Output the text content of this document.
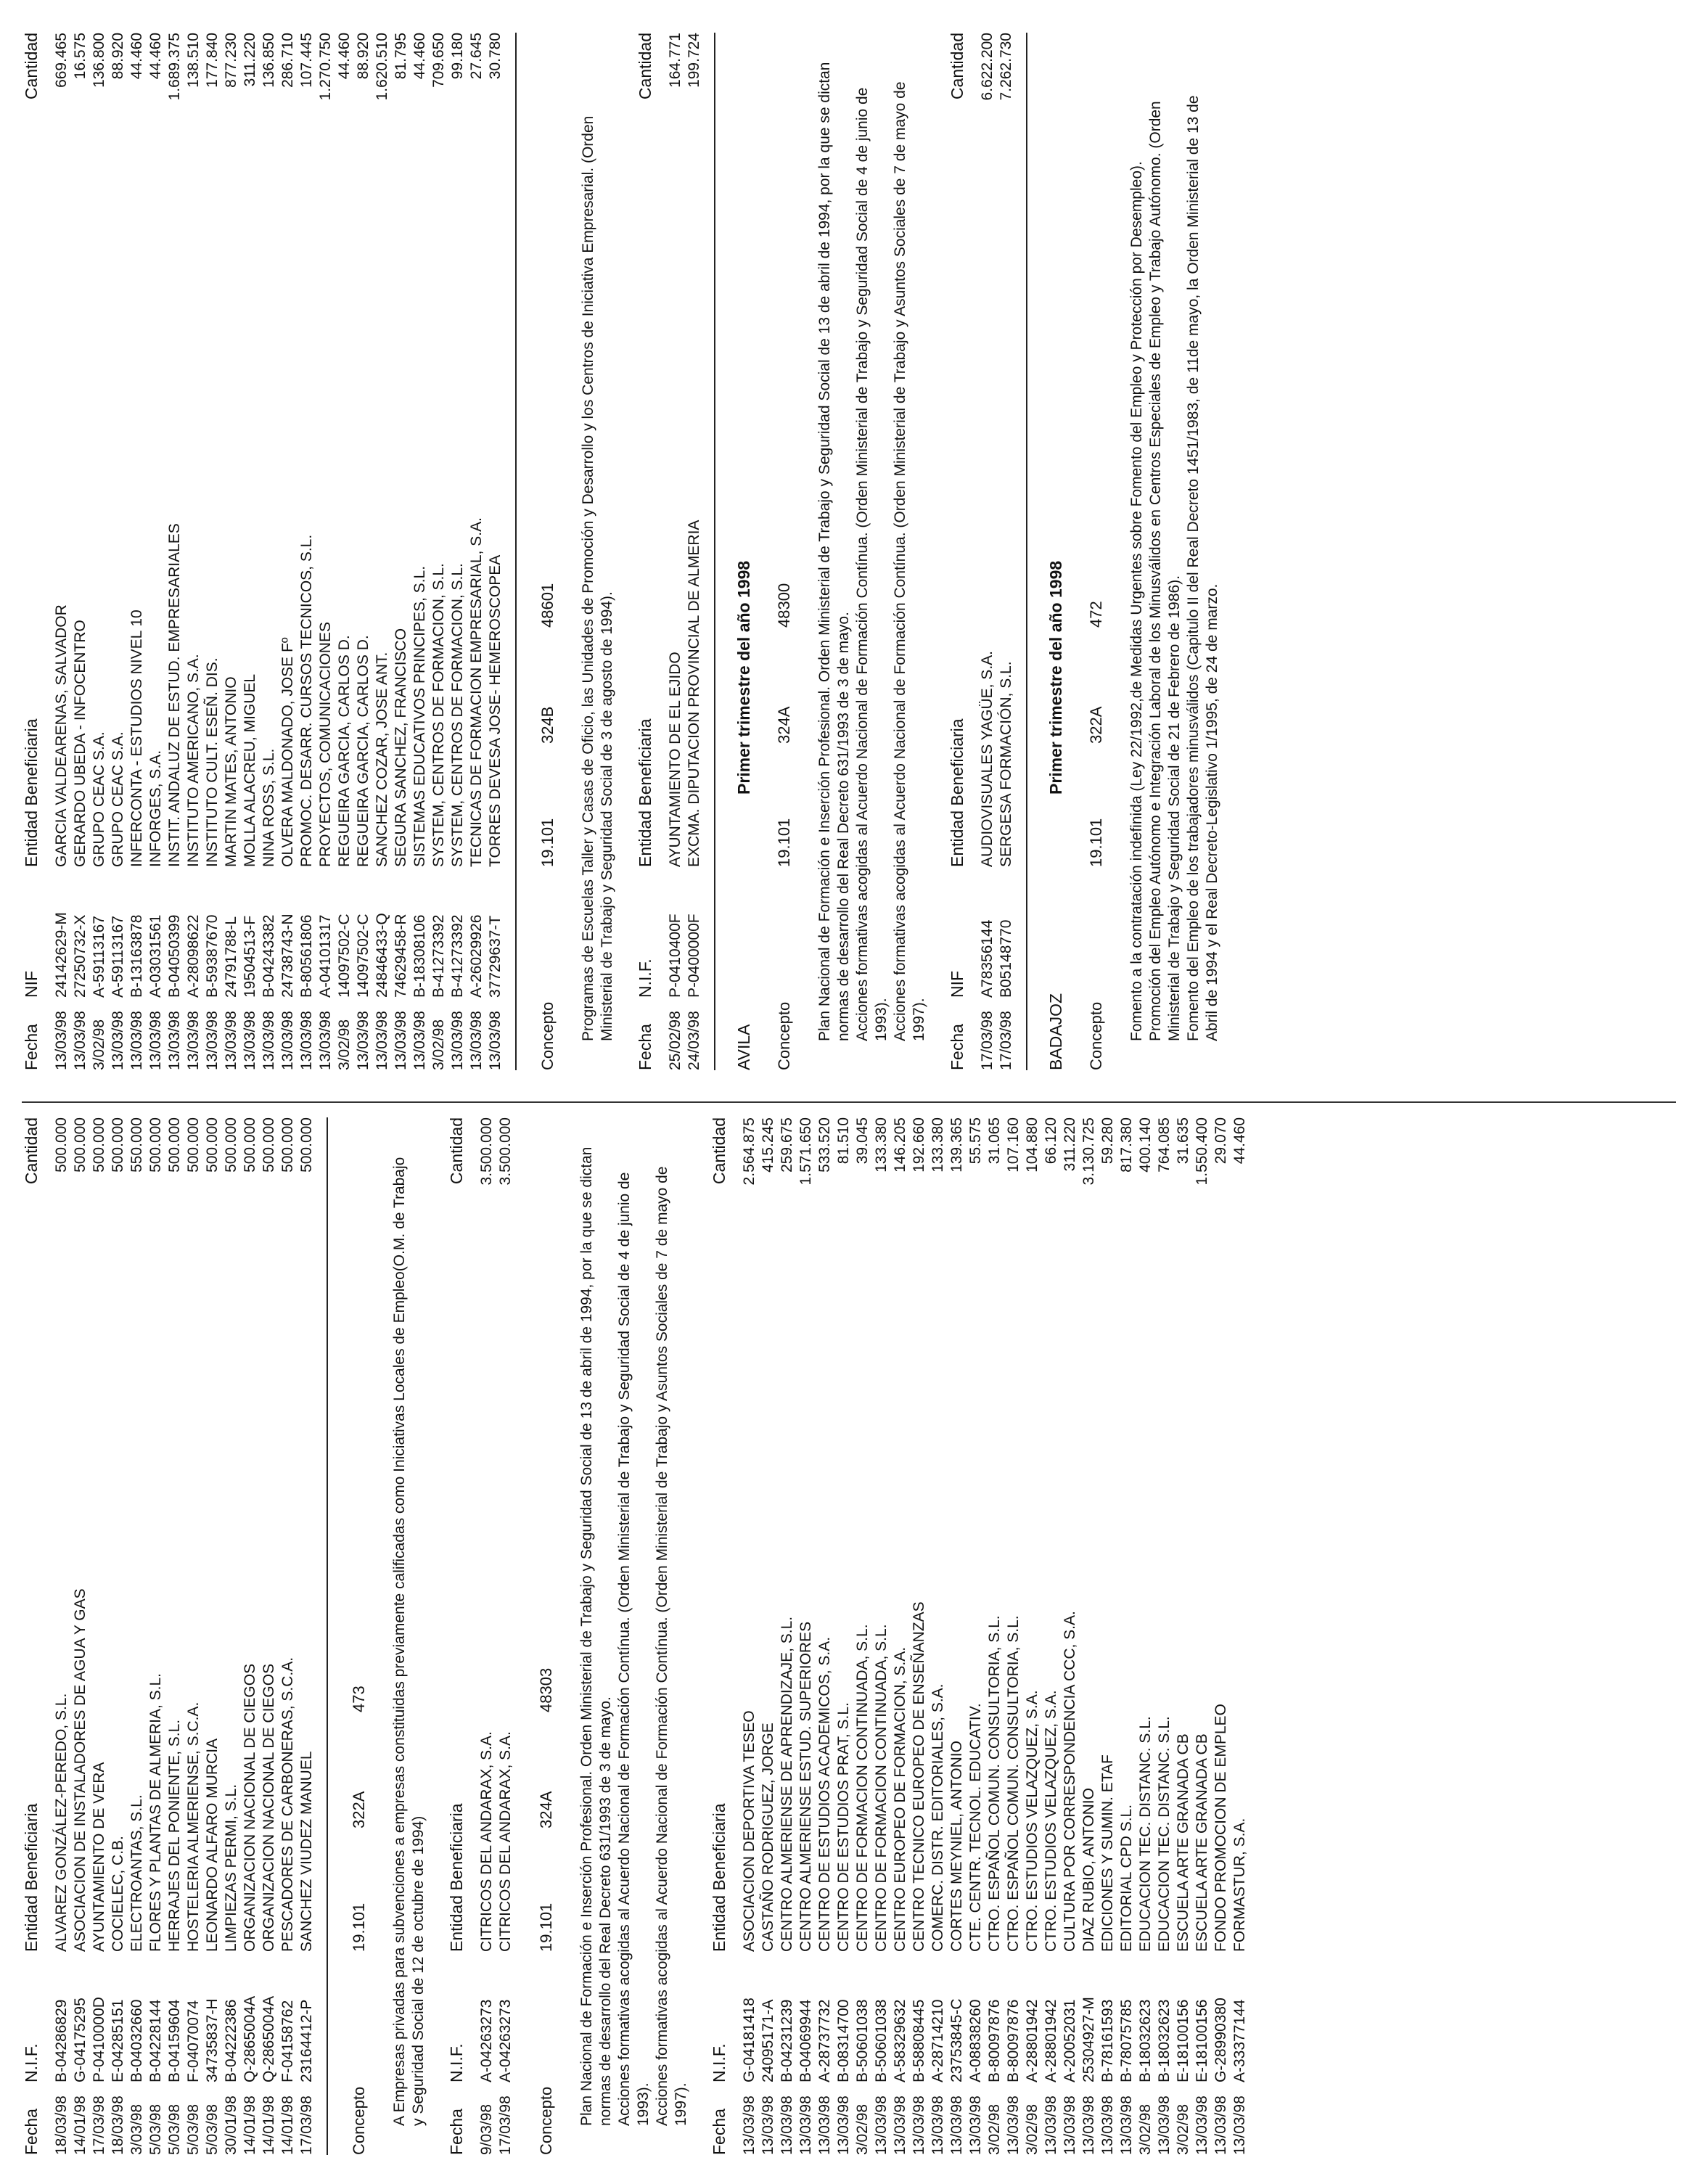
Fecha
N.I.F.
Entidad Beneficiaria
Cantidad
18/03/98
B-04286829
ALVAREZ GONZÁLEZ-PEREDO, S.L.
500.000
14/01/98
G-04175295
ASOCIACION DE INSTALADORES DE AGUA Y GAS
500.000
17/03/98
P-0410000D
AYUNTAMIENTO DE VERA
500.000
18/03/98
E-04285151
COCIELEC, C.B.
500.000
3/03/98
B-04032660
ELECTROANTAS, S.L.
550.000
5/03/98
B-04228144
FLORES Y PLANTAS DE ALMERIA, S.L.
500.000
5/03/98
B-04159604
HERRAJES DEL PONIENTE, S.L.
500.000
5/03/98
F-04070074
HOSTELERIA ALMERIENSE, S.C.A.
500.000
5/03/98
34735837-H
LEONARDO ALFARO MURCIA
500.000
30/01/98
B-04222386
LIMPIEZAS PERMI, S.L.
500.000
14/01/98
Q-2865004A
ORGANIZACION NACIONAL DE CIEGOS
500.000
14/01/98
Q-2865004A
ORGANIZACION NACIONAL DE CIEGOS
500.000
14/01/98
F-04158762
PESCADORES DE CARBONERAS, S.C.A.
500.000
17/03/98
23164412-P
SANCHEZ VIUDEZ MANUEL
500.000
Concepto
19.101
322A
473 A Empresas privadas para subvenciones a empresas constituidas previamente calificadas como Iniciativas Locales de Empleo(O.M. de Trabajo y Seguridad Social de 12 de octubre de 1994)

Fecha
N.I.F.
Entidad Beneficiaria
Cantidad
9/03/98
A-04263273
CITRICOS DEL ANDARAX, S.A.
3.500.000
17/03/98
A-04263273
CITRICOS DEL ANDARAX, S.A.
3.500.000
Concepto
19.101
324A
48303 Plan Nacional de Formación e Inserción Profesional. Orden Ministerial de Trabajo y Seguridad Social de 13 de abril de 1994, por la que se dictan normas de desarrollo del Real Decreto 631/1993 de 3 de mayo. Acciones formativas acogidas al Acuerdo Nacional de Formación Contínua. (Orden Ministerial de Trabajo y Seguridad Social de 4 de junio de 1993). Acciones formativas acogidas al Acuerdo Nacional de Formación Contínua. (Orden Ministerial de Trabajo y Asuntos Sociales de 7 de mayo de 1997).

Fecha
N.I.F.
Entidad Beneficiaria
Cantidad
13/03/98
G-04181418
ASOCIACION DEPORTIVA TESEO
2.564.875
13/03/98
24095171-A
CASTAÑO RODRIGUEZ, JORGE
415.245
13/03/98
B-04231239
CENTRO ALMERIENSE DE APRENDIZAJE, S.L.
259.675
13/03/98
B-04069944
CENTRO ALMERIENSE ESTUD. SUPERIORES
1.571.650
13/03/98
A-28737732
CENTRO DE ESTUDIOS ACADEMICOS, S.A.
533.520
13/03/98
B-08314700
CENTRO DE ESTUDIOS PRAT, S.L.
81.510
3/02/98
B-50601038
CENTRO DE FORMACION CONTINUADA, S.L.
39.045
13/03/98
B-50601038
CENTRO DE FORMACION CONTINUADA, S.L.
133.380
13/03/98
A-58329632
CENTRO EUROPEO DE FORMACION, S.A.
146.205
13/03/98
B-58808445
CENTRO TECNICO EUROPEO DE ENSEÑANZAS
192.660
13/03/98
A-28714210
COMERC. DISTR. EDITORIALES, S.A.
133.380
13/03/98
23753845-C
CORTES MEYNIEL, ANTONIO
139.365
13/03/98
A-08838260
CTE. CENTR. TECNOL. EDUCATIV.
55.575
3/02/98
B-80097876
CTRO. ESPAÑOL COMUN. CONSULTORIA, S.L.
31.065
13/03/98
B-80097876
CTRO. ESPAÑOL COMUN. CONSULTORIA, S.L.
107.160
3/02/98
A-28801942
CTRO. ESTUDIOS VELAZQUEZ, S.A.
104.880
13/03/98
A-28801942
CTRO. ESTUDIOS VELAZQUEZ, S.A.
66.120
13/03/98
A-20052031
CULTURA POR CORRESPONDENCIA CCC, S.A.
311.220
13/03/98
25304927-M
DIAZ RUBIO, ANTONIO
3.130.725
13/03/98
B-78161593
EDICIONES Y SUMIN. ETAF
59.280
13/03/98
B-78075785
EDITORIAL CPD S.L.
817.380
3/02/98
B-18032623
EDUCACION TEC. DISTANC. S.L.
400.140
13/03/98
B-18032623
EDUCACION TEC. DISTANC. S.L.
764.085
3/02/98
E-18100156
ESCUELA ARTE GRANADA CB
31.635
13/03/98
E-18100156
ESCUELA ARTE GRANADA CB
1.550.400
13/03/98
G-28990380
FONDO PROMOCION DE EMPLEO
29.070
13/03/98
A-33377144
FORMASTUR, S.A.
44.460
Fecha
NIF
Entidad Beneficiaria
Cantidad
13/03/98
24142629-M
GARCIA VALDEARENAS, SALVADOR
669.465
13/03/98
27250732-X
GERARDO UBEDA - INFOCENTRO
16.575
3/02/98
A-59113167
GRUPO CEAC S.A.
136.800
13/03/98
A-59113167
GRUPO CEAC S.A.
88.920
13/03/98
B-13163878
INFERCONTA - ESTUDIOS NIVEL 10
44.460
13/03/98
A-03031561
INFORGES, S.A.
44.460
13/03/98
B-04050399
INSTIT. ANDALUZ DE ESTUD. EMPRESARIALES
1.689.375
13/03/98
A-28098622
INSTITUTO AMERICANO, S.A.
138.510
13/03/98
B-59387670
INSTITUTO CULT. ESEÑ. DIS.
177.840
13/03/98
24791788-L
MARTIN MATES, ANTONIO
877.230
13/03/98
19504513-F
MOLLA ALACREU, MIGUEL
311.220
13/03/98
B-04243382
NINA ROSS, S.L.
136.850
13/03/98
24738743-N
OLVERA MALDONADO, JOSE Fº
286.710
13/03/98
B-80561806
PROMOC. DESARR. CURSOS TECNICOS, S.L.
107.445
13/03/98
A-04101317
PROYECTOS, COMUNICACIONES
1.270.750
3/02/98
14097502-C
REGUEIRA GARCIA, CARLOS D.
44.460
13/03/98
14097502-C
REGUEIRA GARCIA, CARLOS D.
88.920
13/03/98
24846433-Q
SANCHEZ COZAR, JOSE ANT.
1.620.510
13/03/98
74629458-R
SEGURA SANCHEZ, FRANCISCO
81.795
13/03/98
B-18308106
SISTEMAS EDUCATIVOS PRINCIPES, S.L.
44.460
3/02/98
B-41273392
SYSTEM, CENTROS DE FORMACION, S.L.
709.650
13/03/98
B-41273392
SYSTEM, CENTROS DE FORMACION, S.L.
99.180
13/03/98
A-26029926
TECNICAS DE FORMACION EMPRESARIAL, S.A.
27.645
13/03/98
37729637-T
TORRES DEVESA JOSE- HEMEROSCOPEA
30.780
Concepto
19.101
324B
48601 Programas de Escuelas Taller y Casas de Oficio, las Unidades de Promoción y Desarrollo y los Centros de Iniciativa Empresarial. (Orden Ministerial de Trabajo y Seguridad Social de 3 de agosto de 1994).

Fecha
N.I.F.
Entidad Beneficiaria
Cantidad
25/02/98
P-0410400F
AYUNTAMIENTO DE EL EJIDO
164.771
24/03/98
P-0400000F
EXCMA. DIPUTACION PROVINCIAL DE ALMERIA
199.724
AVILA
Primer trimestre del año 1998
Concepto
19.101
324A
48300 Plan Nacional de Formación e Inserción Profesional. Orden Ministerial de Trabajo y Seguridad Social de 13 de abril de 1994, por la que se dictan normas de desarrollo del Real Decreto 631/1993 de 3 de mayo. Acciones formativas acogidas al Acuerdo Nacional de Formación Contínua. (Orden Ministerial de Trabajo y Seguridad Social de 4 de junio de 1993). Acciones formativas acogidas al Acuerdo Nacional de Formación Contínua. (Orden Ministerial de Trabajo y Asuntos Sociales de 7 de mayo de 1997).

Fecha
NIF
Entidad Beneficiaria
Cantidad
17/03/98
A78356144
AUDIOVISUALES YAGÜE, S.A.
6.622.200
17/03/98
B05148770
SERGESA FORMACIÓN, S.L.
7.262.730
BADAJOZ
Primer trimestre del año 1998
Concepto
19.101
322A
472 Fomento a la contratación indefinida (Ley 22/1992,de Medidas Urgentes sobre Fomento del Empleo y Protección por Desempleo). Promoción del Empleo Autónomo e Integración Laboral de los Minusválidos en Centros Especiales de Empleo y Trabajo Autónomo. (Orden Ministerial de Trabajo y Seguridad Social de 21 de Febrero de 1986). Fomento del Empleo de los trabajadores minusválidos (Capitulo II del Real Decreto 1451/1983, de 11de mayo, la Orden Ministerial de 13 de Abril de 1994 y el Real Decreto-Legislativo 1/1995, de 24 de marzo.
